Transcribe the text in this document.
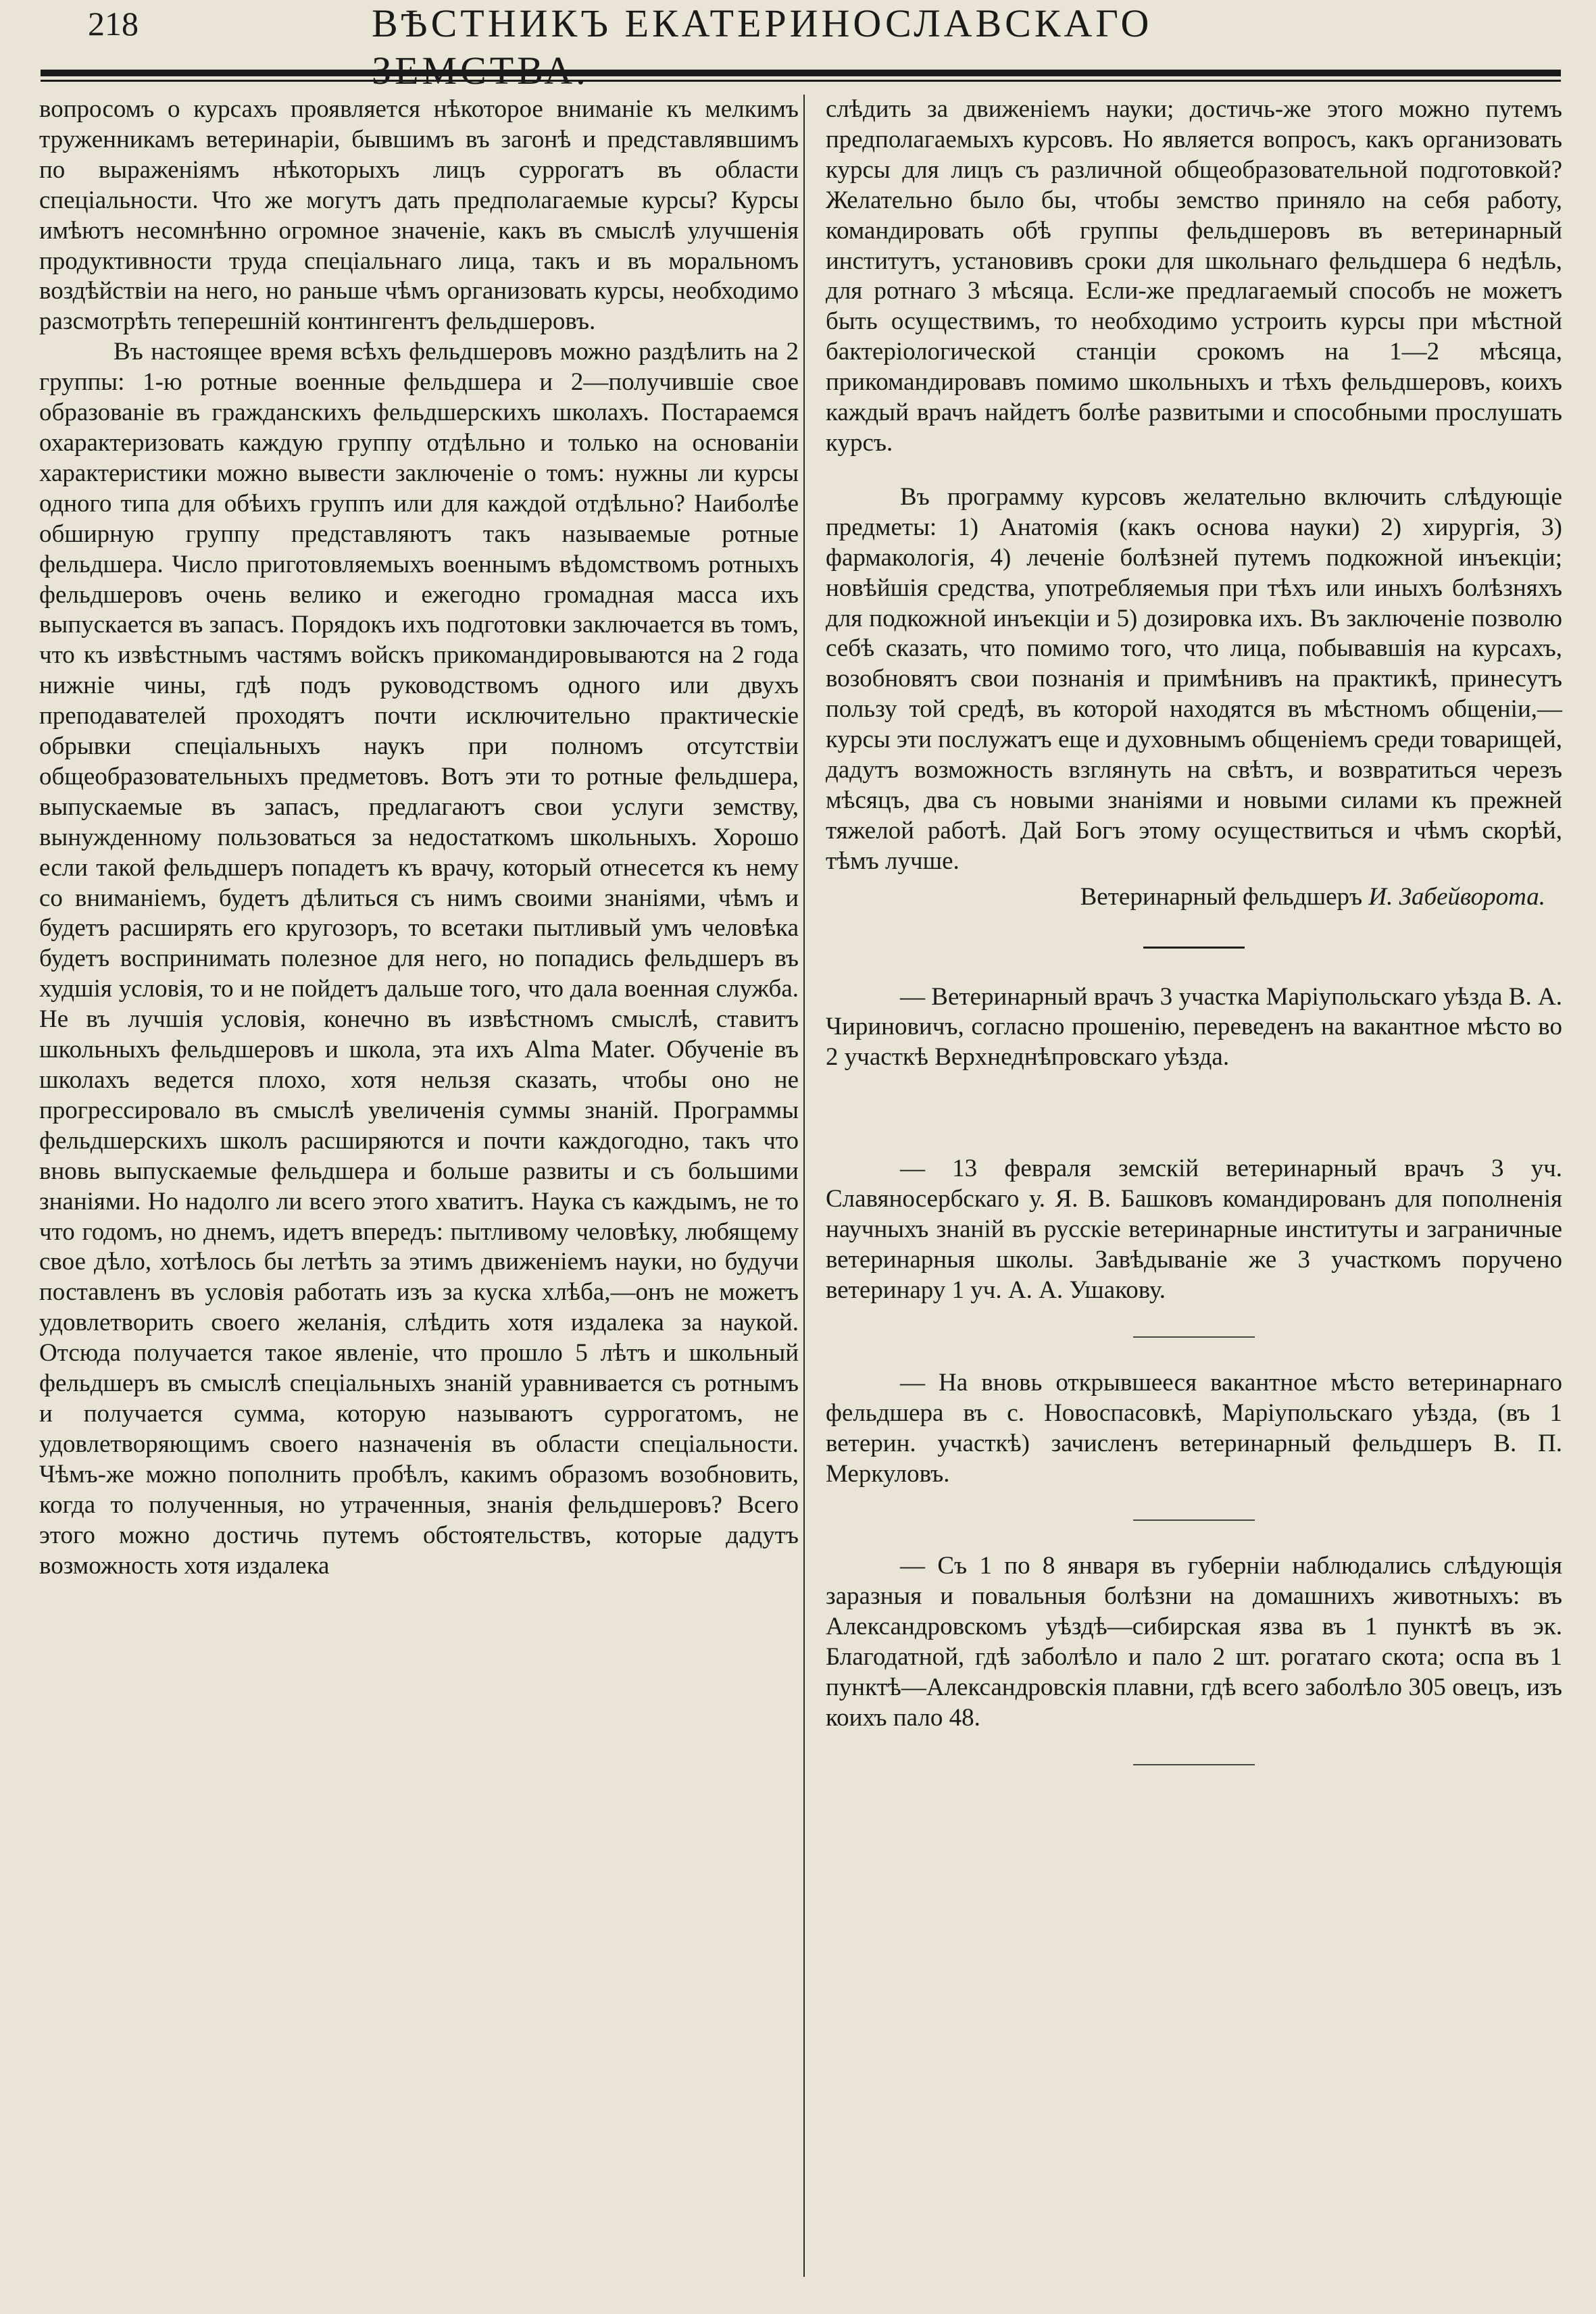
218	ВѢСТНИКЪ ЕКАТЕРИНОСЛАВСКАГО

вопросомъ о курсахъ проявляется нѣкоторое вниманіе къ мелкимъ труженникамъ ветеринаріи, бывшимъ въ загонѣ и представлявшимъ по выраженіямъ нѣкоторыхъ лицъ суррогатъ въ области спеціальности. Что же могутъ дать предполагаемые курсы? Курсы имѣютъ несомнѣнно огромное значеніе, какъ въ смыслѣ улучшенія продуктивности труда спеціальнаго лица, такъ и въ моральномъ воздѣйствіи на него, но раньше чѣмъ организовать курсы, необходимо разсмотрѣть теперешній контингентъ фельдшеровъ.

Въ настоящее время всѣхъ фельдшеровъ можно раздѣлить на 2 группы: 1-ю ротные военные фельдшера и 2—получившіе свое образованіе въ гражданскихъ фельдшерскихъ школахъ. Постараемся охарактеризовать каждую группу отдѣльно и только на основаніи характеристики можно вывести заключеніе о томъ: нужны ли курсы одного типа для обѣихъ группъ или для каждой отдѣльно? Наиболѣе обширную группу представляютъ такъ называемые ротные фельдшера. Число приготовляемыхъ военнымъ вѣдомствомъ ротныхъ фельдшеровъ очень велико и ежегодно громадная масса ихъ выпускается въ запасъ. Порядокъ ихъ подготовки заключается въ томъ, что къ извѣстнымъ частямъ войскъ прикомандировываются на 2 года нижніе чины, гдѣ подъ руководствомъ одного или двухъ преподавателей проходятъ почти исключительно практическіе обрывки спеціальныхъ наукъ при полномъ отсутствіи общеобразовательныхъ предметовъ. Вотъ эти то ротные фельдшера, выпускаемые въ запасъ, предлагаютъ свои услуги земству, вынужденному пользоваться за недостаткомъ школьныхъ. Хорошо если такой фельдшеръ попадетъ къ врачу, который отнесется къ нему со вниманіемъ, будетъ дѣлиться съ нимъ своими знаніями, чѣмъ и будетъ расширять его кругозоръ, то всетаки пытливый умъ человѣка будетъ воспринимать полезное для него, но попадись фельдшеръ въ худшія условія, то и не пойдетъ дальше того, что дала военная служба. Не въ лучшія условія, конечно въ извѣстномъ смыслѣ, ставитъ школьныхъ фельдшеровъ и школа, эта ихъ Alma Mater. Обученіе въ школахъ ведется плохо, хотя нельзя сказать, чтобы оно не прогрессировало въ смыслѣ увеличенія суммы знаній. Программы фельдшерскихъ школъ расширяются и почти каждогодно, такъ что вновь выпускаемые фельдшера и больше развиты и съ большими знаніями. Но надолго ли всего этого хватитъ. Наука съ каждымъ, не то что годомъ, но днемъ, идетъ впередъ: пытливому человѣку, любящему свое дѣло, хотѣлось бы летѣть за этимъ движеніемъ науки, но будучи поставленъ въ условія работать изъ за куска хлѣба,—онъ не можетъ удовлетворить своего желанія, слѣдить хотя издалека за наукой. Отсюда получается такое явленіе, что прошло 5 лѣтъ и школьный фельдшеръ въ смыслѣ спеціальныхъ знаній уравнивается съ ротнымъ и получается сумма, которую называютъ суррогатомъ, не удовлетворяющимъ своего назначенія въ области спеціальности. Чѣмъ-же можно пополнить пробѣлъ, какимъ образомъ возобновить, когда то полученныя, но утраченныя, знанія фельдшеровъ? Всего этого можно достичь путемъ обстоятельствъ, которые дадутъ возможность хотя издалека

слѣдить за движеніемъ науки; достичь-же этого можно путемъ предполагаемыхъ курсовъ. Но является вопросъ, какъ организовать курсы для лицъ съ различной общеобразовательной подготовкой? Желательно было бы, чтобы земство приняло на себя работу, командировать обѣ группы фельдшеровъ въ ветеринарный институтъ, установивъ сроки для школьнаго фельдшера 6 недѣль, для ротнаго 3 мѣсяца. Если-же предлагаемый способъ не можетъ быть осуществимъ, то необходимо устроить курсы при мѣстной бактеріологической станціи срокомъ на 1—2 мѣсяца, прикомандировавъ помимо школьныхъ и тѣхъ фельдшеровъ, коихъ каждый врачъ найдетъ болѣе развитыми и способными прослушать курсъ.

Въ программу курсовъ желательно включить слѣдующіе предметы: 1) Анатомія (какъ основа науки) 2) хирургія, 3) фармакологія, 4) леченіе болѣзней путемъ подкожной инъекціи; новѣйшія средства, употребляемыя при тѣхъ или иныхъ болѣзняхъ для подкожной инъекціи и 5) дозировка ихъ. Въ заключеніе позволю себѣ сказать, что помимо того, что лица, побывавшія на курсахъ, возобновятъ свои познанія и примѣнивъ на практикѣ, принесутъ пользу той средѣ, въ которой находятся въ мѣстномъ общеніи,—курсы эти послужатъ еще и духовнымъ общеніемъ среди товарищей, дадутъ возможность взглянуть на свѣтъ, и возвратиться черезъ мѣсяцъ, два съ новыми знаніями и новыми силами къ прежней тяжелой работѣ. Дай Богъ этому осуществиться и чѣмъ скорѣй, тѣмъ лучше.

Ветеринарный фельдшеръ И. Забейворота.

— Ветеринарный врачъ 3 участка Маріупольскаго уѣзда В. А. Чириновичъ, согласно прошенію, переведенъ на вакантное мѣсто во 2 участкѣ Верхнеднѣпровскаго уѣзда.

— 13 февраля земскій ветеринарный врачъ 3 уч. Славяносербскаго у. Я. В. Башковъ командированъ для пополненія научныхъ знаній въ русскіе ветеринарные институты и заграничные ветеринарныя школы. Завѣдываніе же 3 участкомъ поручено ветеринару 1 уч. А. А. Ушакову.

— На вновь открывшееся вакантное мѣсто ветеринарнаго фельдшера въ с. Новоспасовкѣ, Маріупольскаго уѣзда, (въ 1 ветерин. участкѣ) зачисленъ ветеринарный фельдшеръ В. П. Меркуловъ.

— Съ 1 по 8 января въ губерніи наблюдались слѣдующія заразныя и повальныя болѣзни на домашнихъ животныхъ: въ Александровскомъ уѣздѣ—сибирская язва въ 1 пунктѣ въ эк. Благодатной, гдѣ заболѣло и пало 2 шт. рогатаго скота; оспа въ 1 пунктѣ—Александровскія плавни, гдѣ всего заболѣло 305 овецъ, изъ коихъ пало 48.
